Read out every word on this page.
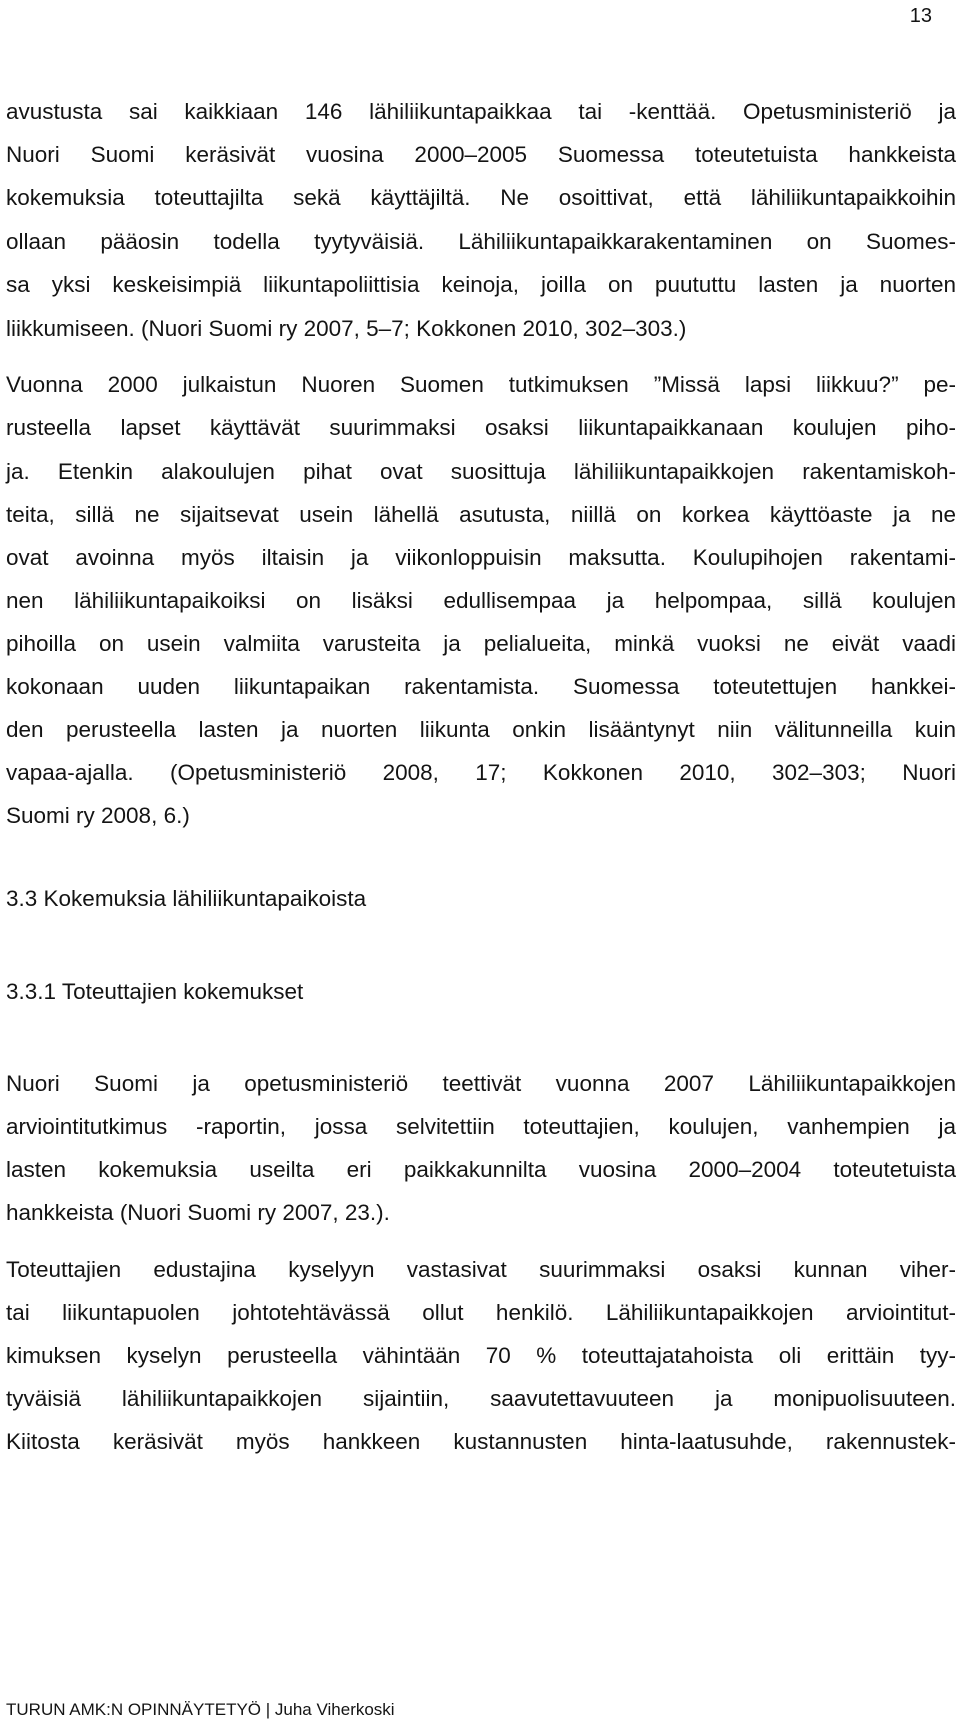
13
avustusta sai kaikkiaan 146 lähiliikuntapaikkaa tai -kenttää. Opetusministeriö ja
Nuori Suomi keräsivät vuosina 2000–2005 Suomessa toteutetuista hankkeista
kokemuksia toteuttajilta sekä käyttäjiltä. Ne osoittivat, että lähiliikuntapaikkoihin
ollaan pääosin todella tyytyväisiä. Lähiliikuntapaikkarakentaminen on Suomes-
sa yksi keskeisimpiä liikuntapoliittisia keinoja, joilla on puututtu lasten ja nuorten
liikkumiseen. (Nuori Suomi ry 2007, 5–7; Kokkonen 2010, 302–303.)
Vuonna 2000 julkaistun Nuoren Suomen tutkimuksen ”Missä lapsi liikkuu?” pe-
rusteella lapset käyttävät suurimmaksi osaksi liikuntapaikkanaan koulujen piho-
ja. Etenkin alakoulujen pihat ovat suosittuja lähiliikuntapaikkojen rakentamiskoh-
teita, sillä ne sijaitsevat usein lähellä asutusta, niillä on korkea käyttöaste ja ne
ovat avoinna myös iltaisin ja viikonloppuisin maksutta. Koulupihojen rakentami-
nen lähiliikuntapaikoiksi on lisäksi edullisempaa ja helpompaa, sillä koulujen
pihoilla on usein valmiita varusteita ja pelialueita, minkä vuoksi ne eivät vaadi
kokonaan uuden liikuntapaikan rakentamista. Suomessa toteutettujen hankkei-
den perusteella lasten ja nuorten liikunta onkin lisääntynyt niin välitunneilla kuin
vapaa-ajalla. (Opetusministeriö 2008, 17; Kokkonen 2010, 302–303; Nuori
Suomi ry 2008, 6.)
3.3 Kokemuksia lähiliikuntapaikoista
3.3.1 Toteuttajien kokemukset
Nuori Suomi ja opetusministeriö teettivät vuonna 2007 Lähiliikuntapaikkojen
arviointitutkimus -raportin, jossa selvitettiin toteuttajien, koulujen, vanhempien ja
lasten kokemuksia useilta eri paikkakunnilta vuosina 2000–2004 toteutetuista
hankkeista (Nuori Suomi ry 2007, 23.).
Toteuttajien edustajina kyselyyn vastasivat suurimmaksi osaksi kunnan viher-
tai liikuntapuolen johtotehtävässä ollut henkilö. Lähiliikuntapaikkojen arviointitut-
kimuksen kyselyn perusteella vähintään 70 % toteuttajatahoista oli erittäin tyy-
tyväisiä lähiliikuntapaikkojen sijaintiin, saavutettavuuteen ja monipuolisuuteen.
Kiitosta keräsivät myös hankkeen kustannusten hinta-laatusuhde, rakennustek-
TURUN AMK:N OPINNÄYTETYÖ | Juha Viherkoski
